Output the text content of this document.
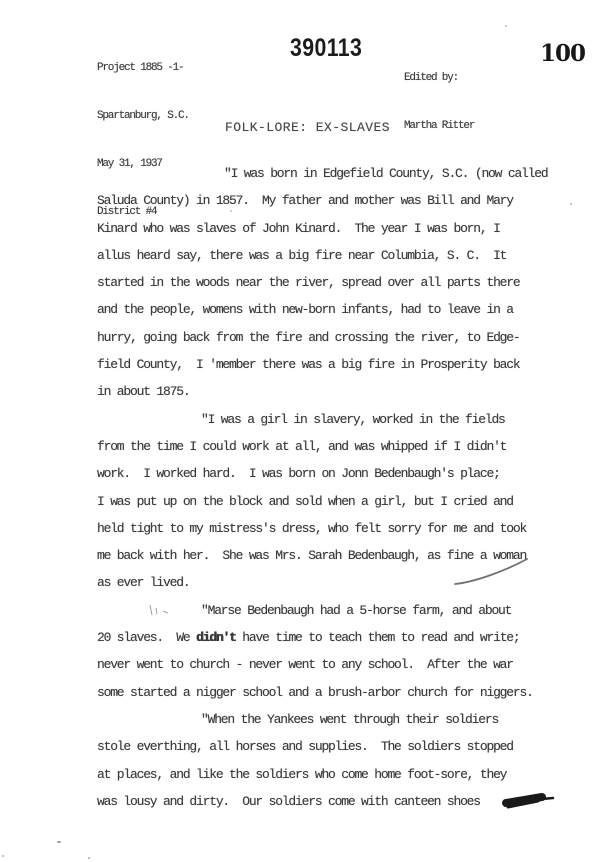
Project 1885 -1-

Spartanburg, S.C.

May 31, 1937

District #4

390113

Edited by:

Martha Ritter

100
FOLK-LORE: EX-SLAVES
"I was born in Edgefield County, S.C. (now called
Saluda County) in 1857.  My father and mother was Bill and Mary
Kinard who was slaves of John Kinard.  The year I was born, I
allus heard say, there was a big fire near Columbia, S. C.  It
started in the woods near the river, spread over all parts there
and the people, womens with new-born infants, had to leave in a
hurry, going back from the fire and crossing the river, to Edge-
field County,  I 'member there was a big fire in Prosperity back
in about 1875.
"I was a girl in slavery, worked in the fields
from the time I could work at all, and was whipped if I didn't
work.  I worked hard.  I was born on Jonn Bedenbaugh's place;
I was put up on the block and sold when a girl, but I cried and
held tight to my mistress's dress, who felt sorry for me and took
me back with her.  She was Mrs. Sarah Bedenbaugh, as fine a woman
as ever lived.
"Marse Bedenbaugh had a 5-horse farm, and about
20 slaves.  We didn't have time to teach them to read and write;
never went to church - never went to any school.  After the war
some started a nigger school and a brush-arbor church for niggers.
"When the Yankees went through their soldiers
stole everthing, all horses and supplies.  The soldiers stopped
at places, and like the soldiers who come home foot-sore, they
was lousy and dirty.  Our soldiers come with canteen shoes
